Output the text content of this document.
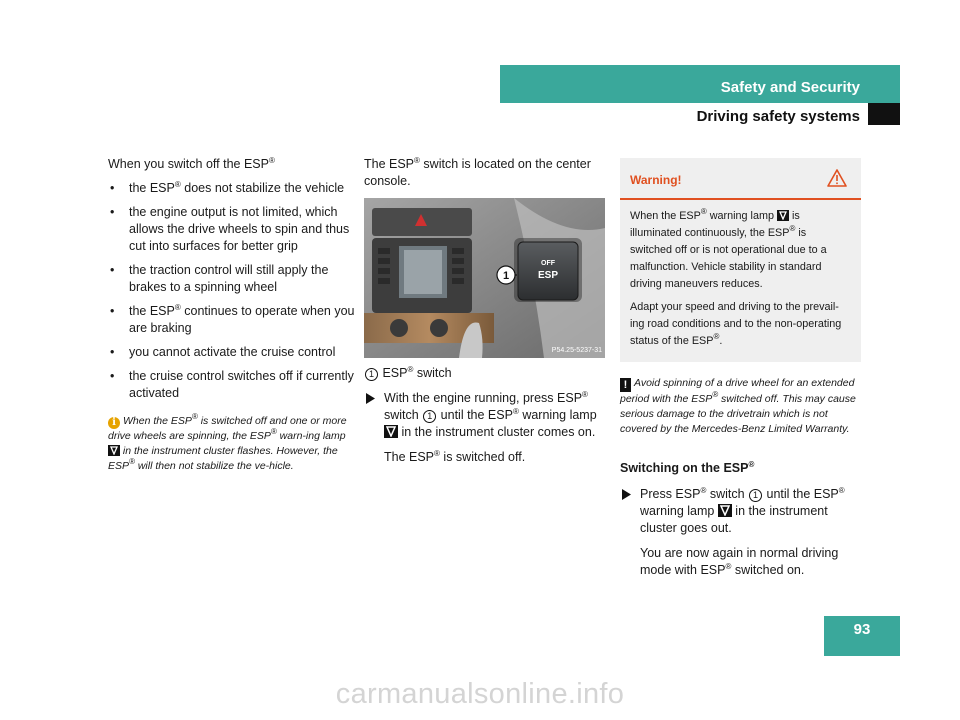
Safety and Security
Driving safety systems

When you switch off the ESP®

• the ESP® does not stabilize the vehicle
• the engine output is not limited, which allows the drive wheels to spin and thus cut into surfaces for better grip
• the traction control will still apply the brakes to a spinning wheel
• the ESP® continues to operate when you are braking
• you cannot activate the cruise control
• the cruise control switches off if currently activated

i When the ESP® is switched off and one or more drive wheels are spinning, the ESP® warn-ing lamp
in the instrument cluster flashes. However, the ESP® will then not stabilize the ve-hicle.

The ESP® switch is located on the center console.

1
OFF
ESP
P54.25-5237-31

1 ESP® switch

With the engine running, press ESP® switch 1 until the ESP® warning lamp
in the instrument cluster comes on.

The ESP® is switched off.

Warning!

When the ESP® warning lamp
is illuminated continuously, the ESP® is switched off or is not operational due to a malfunction. Vehicle stability in standard driving maneuvers reduces.

Adapt your speed and driving to the prevail-ing road conditions and to the non-operating status of the ESP®.

! Avoid spinning of a drive wheel for an extended period with the ESP® switched off. This may cause serious damage to the drivetrain which is not covered by the Mercedes-Benz Limited Warranty.

Switching on the ESP®

Press ESP® switch 1 until the ESP® warning lamp
in the instrument cluster goes out.

You are now again in normal driving mode with ESP® switched on.

93
carmanualsonline.info
